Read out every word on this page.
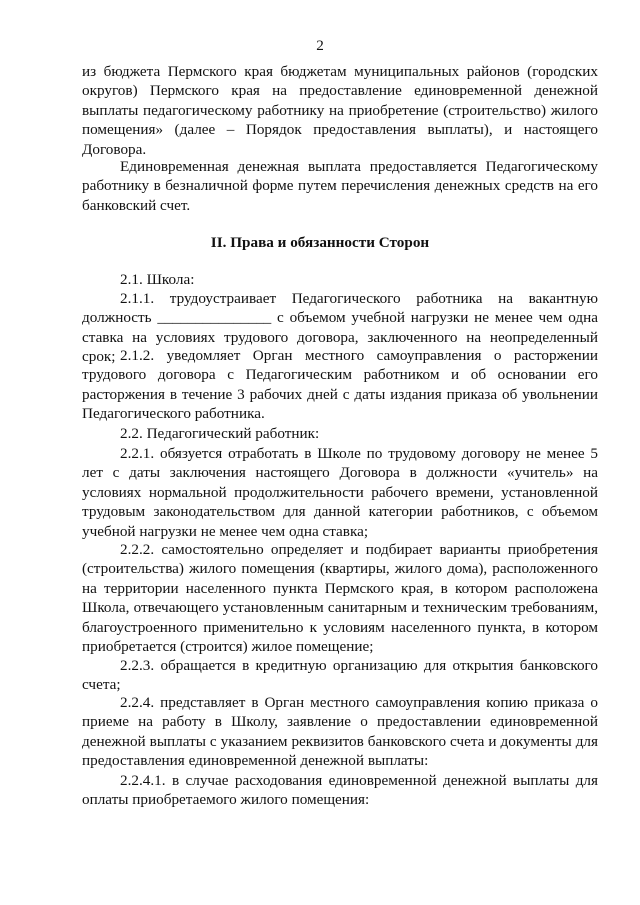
2
из бюджета Пермского края бюджетам муниципальных районов (городских округов) Пермского края на предоставление единовременной денежной выплаты педагогическому работнику на приобретение (строительство) жилого помещения» (далее – Порядок предоставления выплаты), и настоящего Договора.
Единовременная денежная выплата предоставляется Педагогическому работнику в безналичной форме путем перечисления денежных средств на его банковский счет.
II. Права и обязанности Сторон
2.1. Школа:
2.1.1. трудоустраивает Педагогического работника на вакантную должность _______________ с объемом учебной нагрузки не менее чем одна ставка на условиях трудового договора, заключенного на неопределенный срок; 2.1.2. уведомляет Орган местного самоуправления о расторжении трудового договора с Педагогическим работником и об основании его расторжения в течение 3 рабочих дней с даты издания приказа об увольнении Педагогического работника.
2.2. Педагогический работник:
2.2.1. обязуется отработать в Школе по трудовому договору не менее 5 лет с даты заключения настоящего Договора в должности «учитель» на условиях нормальной продолжительности рабочего времени, установленной трудовым законодательством для данной категории работников, с объемом учебной нагрузки не менее чем одна ставка;
2.2.2. самостоятельно определяет и подбирает варианты приобретения (строительства) жилого помещения (квартиры, жилого дома), расположенного на территории населенного пункта Пермского края, в котором расположена Школа, отвечающего установленным санитарным и техническим требованиям, благоустроенного применительно к условиям населенного пункта, в котором приобретается (строится) жилое помещение;
2.2.3. обращается в кредитную организацию для открытия банковского счета;
2.2.4. представляет в Орган местного самоуправления копию приказа о приеме на работу в Школу, заявление о предоставлении единовременной денежной выплаты с указанием реквизитов банковского счета и документы для предоставления единовременной денежной выплаты:
2.2.4.1. в случае расходования единовременной денежной выплаты для оплаты приобретаемого жилого помещения:
